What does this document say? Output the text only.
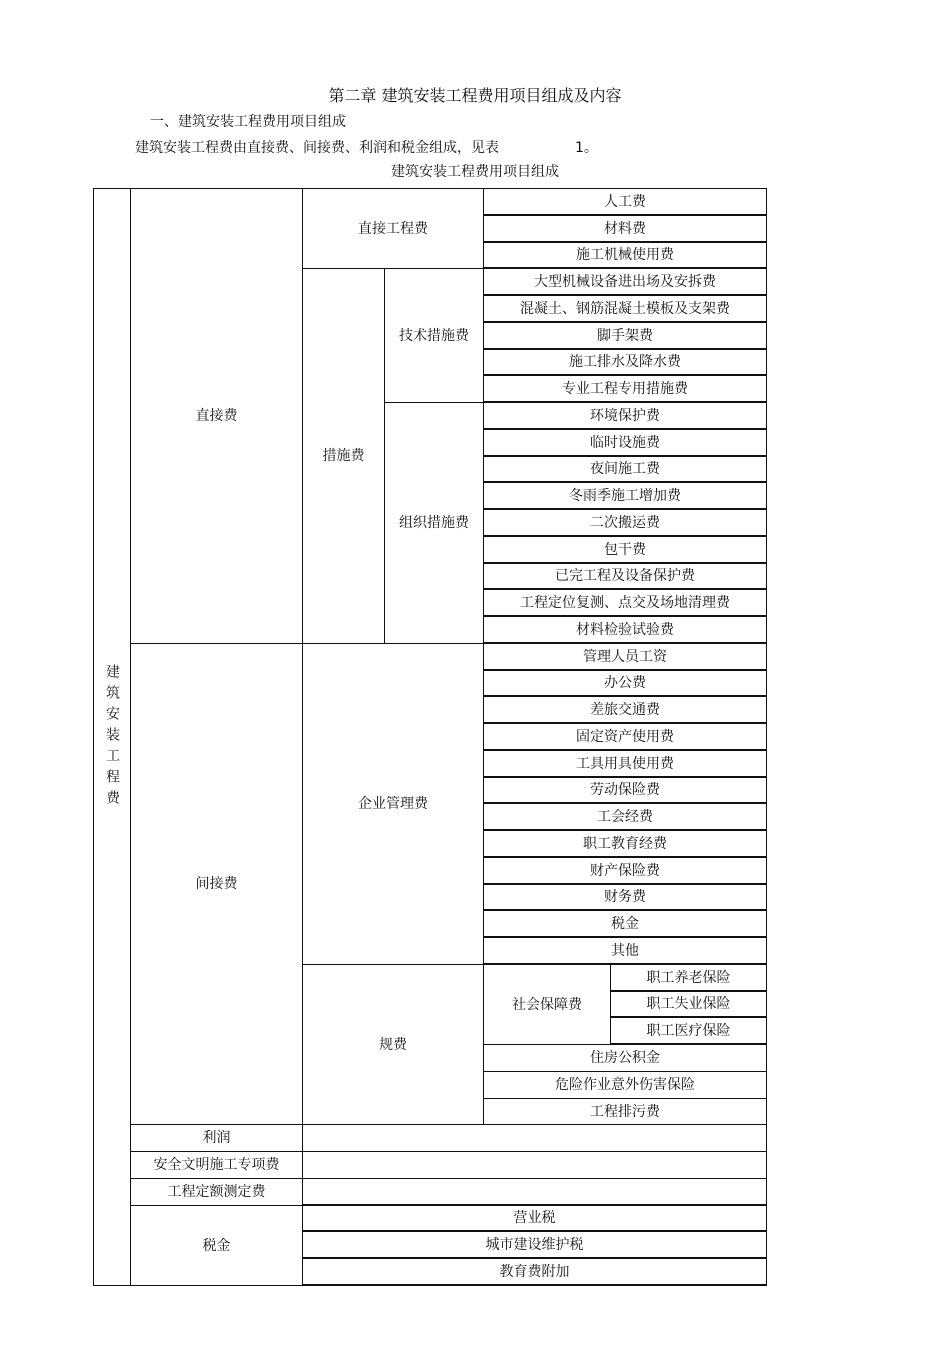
第二章 建筑安装工程费用项目组成及内容
一、建筑安装工程费用项目组成
建筑安装工程费由直接费、间接费、利润和税金组成，见表	1。
建筑安装工程费用项目组成
建筑安装工程费
直接费
直接工程费
人工费
材料费
施工机械使用费
措施费
技术措施费
大型机械设备进出场及安拆费
混凝土、钢筋混凝土模板及支架费
脚手架费
施工排水及降水费
专业工程专用措施费
组织措施费
环境保护费
临时设施费
夜间施工费
冬雨季施工增加费
二次搬运费
包干费
已完工程及设备保护费
工程定位复测、点交及场地清理费
材料检验试验费
间接费
企业管理费
管理人员工资
办公费
差旅交通费
固定资产使用费
工具用具使用费
劳动保险费
工会经费
职工教育经费
财产保险费
财务费
税金
其他
规费
社会保障费
职工养老保险
职工失业保险
职工医疗保险
住房公积金
危险作业意外伤害保险
工程排污费
利润
安全文明施工专项费
工程定额测定费
税金
营业税
城市建设维护税
教育费附加
